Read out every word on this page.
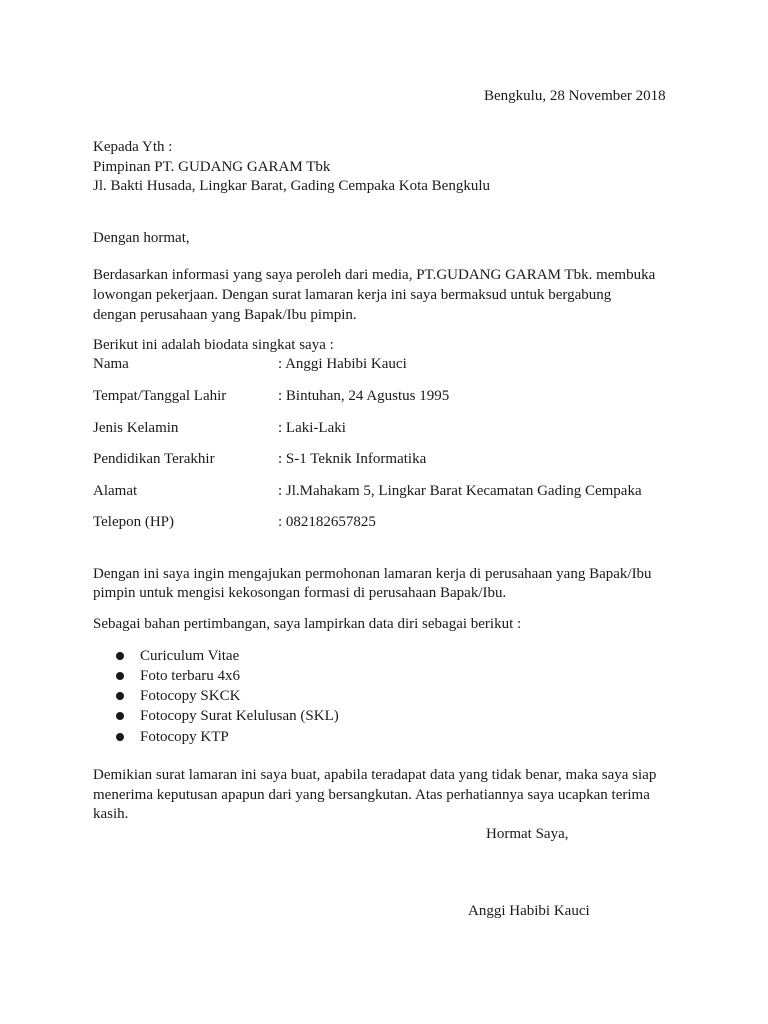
Bengkulu, 28 November 2018
Kepada Yth :
Pimpinan PT. GUDANG GARAM Tbk
Jl. Bakti Husada, Lingkar Barat, Gading Cempaka Kota Bengkulu
Dengan hormat,
Berdasarkan informasi yang saya peroleh dari media, PT.GUDANG GARAM Tbk. membuka
lowongan pekerjaan. Dengan surat lamaran kerja ini saya bermaksud untuk bergabung
dengan perusahaan yang Bapak/Ibu pimpin.
Berikut ini adalah biodata singkat saya :
Nama	: Anggi Habibi Kauci
Tempat/Tanggal Lahir	: Bintuhan, 24 Agustus 1995
Jenis Kelamin	: Laki-Laki
Pendidikan Terakhir	: S-1 Teknik Informatika
Alamat	: Jl.Mahakam 5, Lingkar Barat Kecamatan Gading Cempaka
Telepon (HP)	: 082182657825
Dengan ini saya ingin mengajukan permohonan lamaran kerja di perusahaan yang Bapak/Ibu
pimpin untuk mengisi kekosongan formasi di perusahaan Bapak/Ibu.
Sebagai bahan pertimbangan, saya lampirkan data diri sebagai berikut :
Curiculum Vitae
Foto terbaru 4x6
Fotocopy SKCK
Fotocopy Surat Kelulusan (SKL)
Fotocopy KTP
Demikian surat lamaran ini saya buat, apabila teradapat data yang tidak benar, maka saya siap
menerima keputusan apapun dari yang bersangkutan. Atas perhatiannya saya ucapkan terima
kasih.
Hormat Saya,
Anggi Habibi Kauci
